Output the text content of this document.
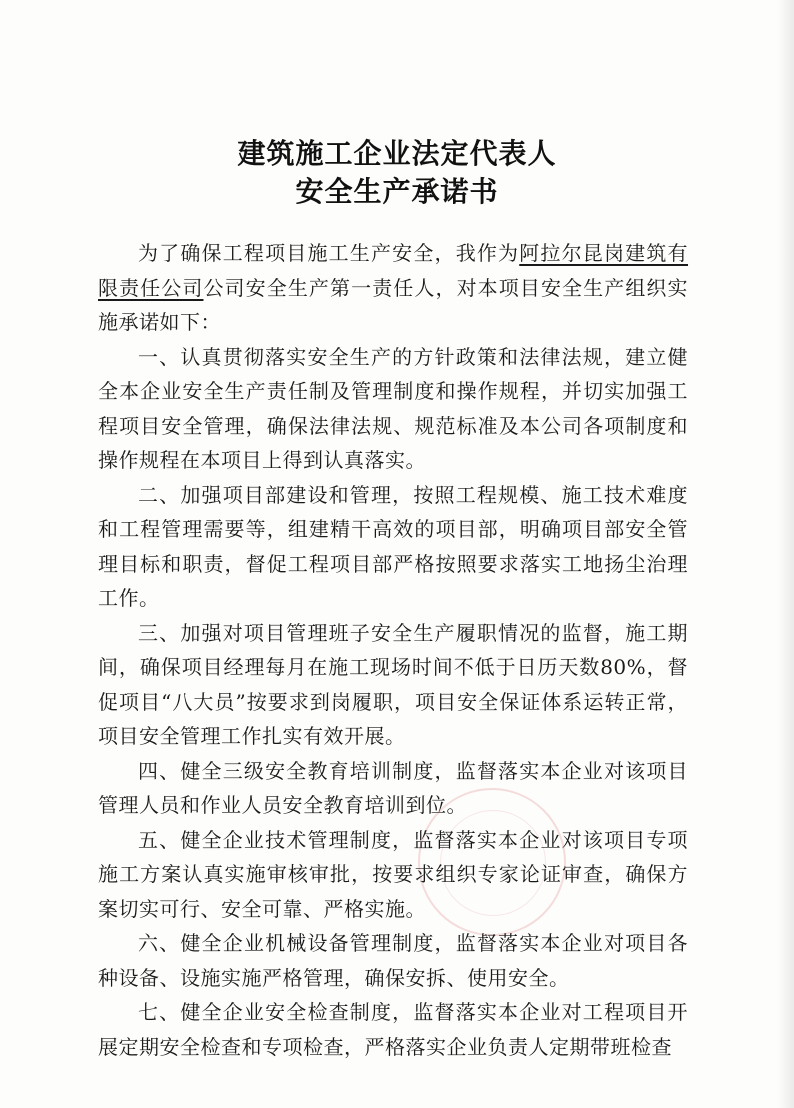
建筑施工企业法定代表人
安全生产承诺书

为了确保工程项目施工生产安全，我作为阿拉尔昆岗建筑有限责任公司公司安全生产第一责任人，对本项目安全生产组织实施承诺如下：

一、认真贯彻落实安全生产的方针政策和法律法规，建立健全本企业安全生产责任制及管理制度和操作规程，并切实加强工程项目安全管理，确保法律法规、规范标准及本公司各项制度和操作规程在本项目上得到认真落实。

二、加强项目部建设和管理，按照工程规模、施工技术难度和工程管理需要等，组建精干高效的项目部，明确项目部安全管理目标和职责，督促工程项目部严格按照要求落实工地扬尘治理工作。

三、加强对项目管理班子安全生产履职情况的监督，施工期间，确保项目经理每月在施工现场时间不低于日历天数80%，督促项目“八大员”按要求到岗履职，项目安全保证体系运转正常，项目安全管理工作扎实有效开展。

四、健全三级安全教育培训制度，监督落实本企业对该项目管理人员和作业人员安全教育培训到位。

五、健全企业技术管理制度，监督落实本企业对该项目专项施工方案认真实施审核审批，按要求组织专家论证审查，确保方案切实可行、安全可靠、严格实施。

六、健全企业机械设备管理制度，监督落实本企业对项目各种设备、设施实施严格管理，确保安拆、使用安全。

七、健全企业安全检查制度，监督落实本企业对工程项目开展定期安全检查和专项检查，严格落实企业负责人定期带班检查
